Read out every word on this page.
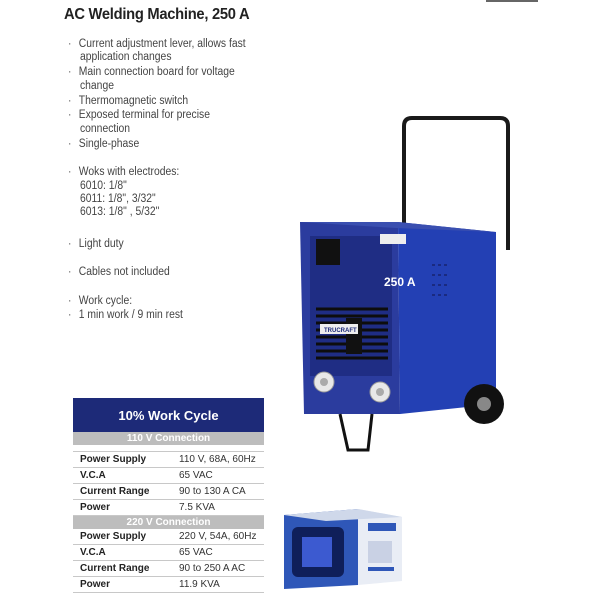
AC Welding Machine, 250 A
· Current adjustment lever, allows fast
application changes
· Main connection board for voltage
change
· Thermomagnetic switch
· Exposed terminal for precise
connection
· Single-phase
· Woks with electrodes:
6010: 1/8"
6011: 1/8", 3/32"
6013: 1/8" , 5/32"
· Light duty
· Cables not included
· Work cycle:
· 1 min work / 9 min rest
250 A
TRUCRAFT
10% Work Cycle
110 V Connection
Power Supply	110 V, 68A, 60Hz
V.C.A	65 VAC
Current Range	90 to 130 A CA
Power	7.5 KVA
220 V Connection
Power Supply	220 V, 54A, 60Hz
V.C.A	65 VAC
Current Range	90 to 250 A AC
Power	11.9 KVA
